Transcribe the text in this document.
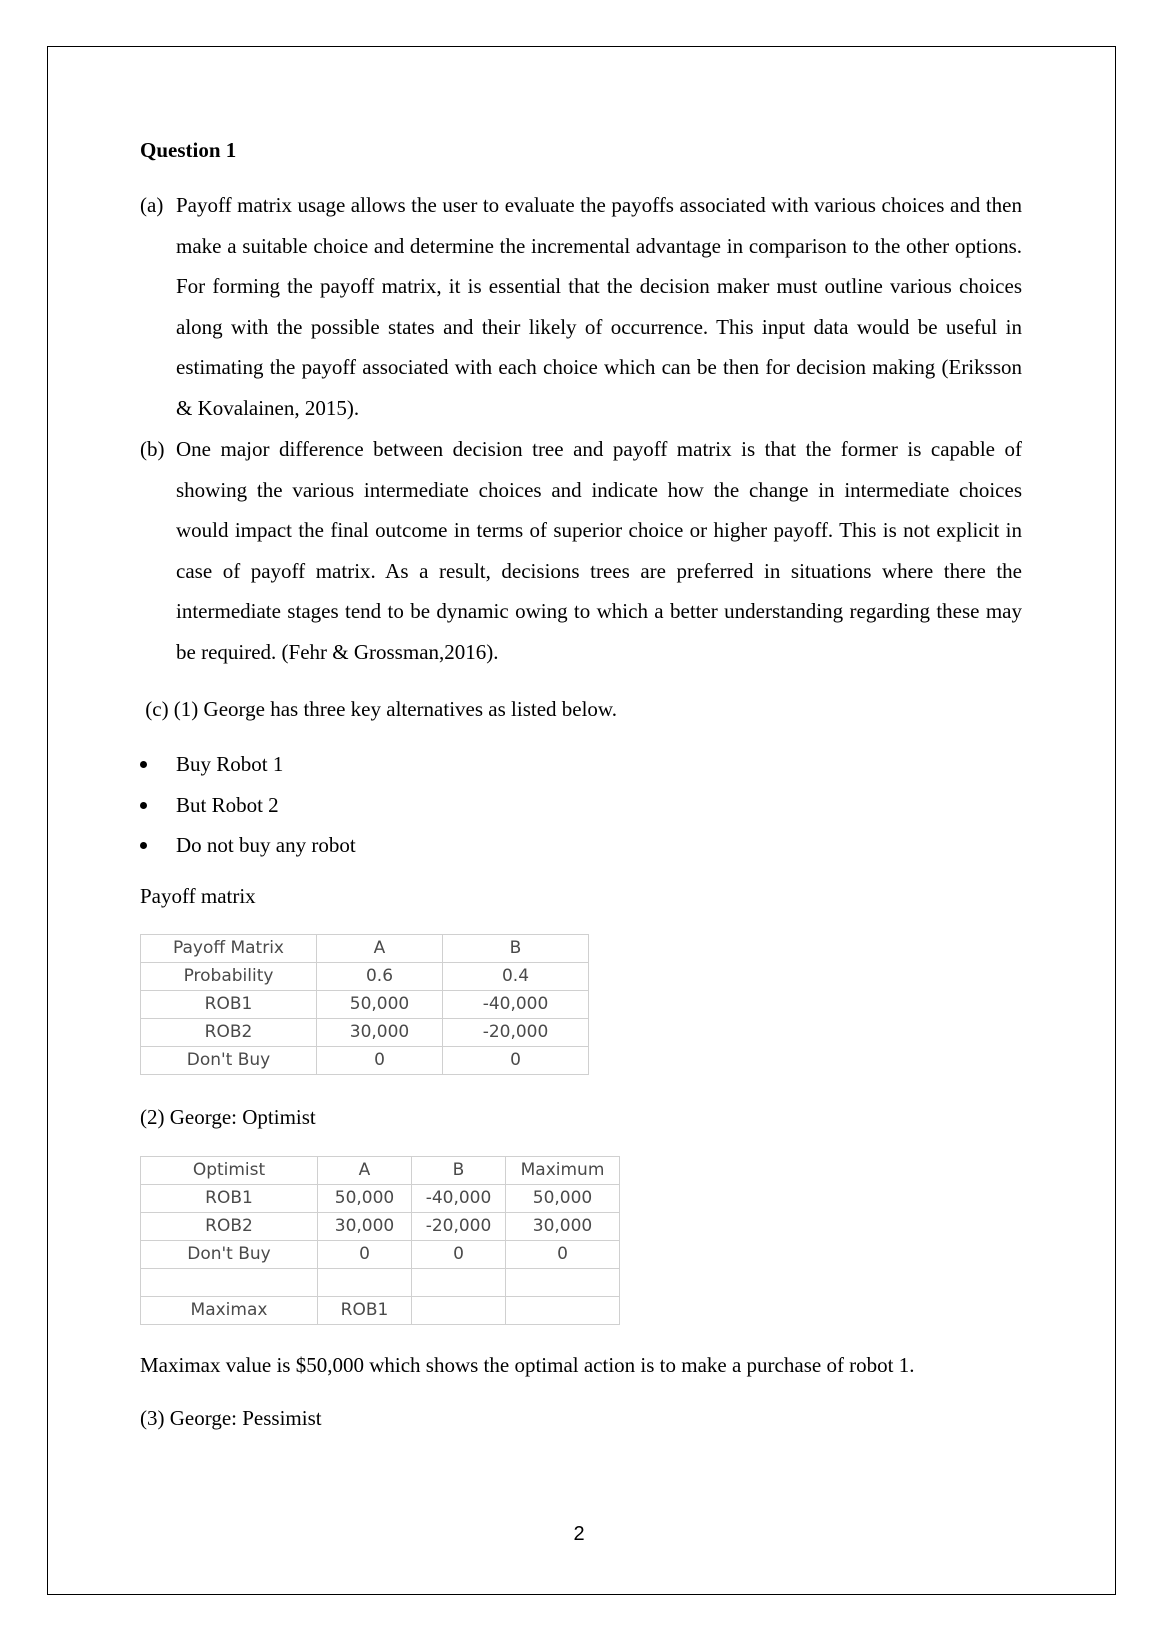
Question 1

(a) Payoff matrix usage allows the user to evaluate the payoffs associated with various choices and then make a suitable choice and determine the incremental advantage in comparison to the other options. For forming the payoff matrix, it is essential that the decision maker must outline various choices along with the possible states and their likely of occurrence. This input data would be useful in estimating the payoff associated with each choice which can be then for decision making (Eriksson & Kovalainen, 2015).

(b) One major difference between decision tree and payoff matrix is that the former is capable of showing the various intermediate choices and indicate how the change in intermediate choices would impact the final outcome in terms of superior choice or higher payoff. This is not explicit in case of payoff matrix. As a result, decisions trees are preferred in situations where there the intermediate stages tend to be dynamic owing to which a better understanding regarding these may be required. (Fehr & Grossman,2016).

(c) (1) George has three key alternatives as listed below.

Buy Robot 1
But Robot 2
Do not buy any robot

Payoff matrix

Payoff Matrix	A	B
Probability	0.6	0.4
ROB1	50,000	-40,000
ROB2	30,000	-20,000
Don't Buy	0	0

(2) George: Optimist

Optimist	A	B	Maximum
ROB1	50,000	-40,000	50,000
ROB2	30,000	-20,000	30,000
Don't Buy	0	0	0

Maximax	ROB1		

Maximax value is $50,000 which shows the optimal action is to make a purchase of robot 1.

(3) George: Pessimist

2
